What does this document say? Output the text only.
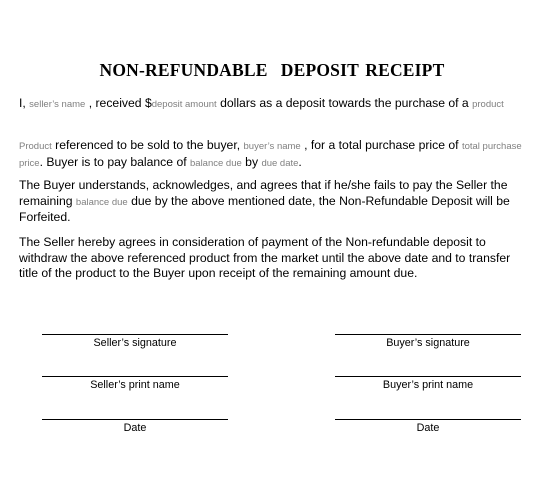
NON-REFUNDABLE  DEPOSIT RECEIPT
I, seller’s name , received $deposit amount dollars as a deposit towards the purchase of a product
Product referenced to be sold to the buyer, buyer’s name , for a total purchase price of total purchase price. Buyer is to pay balance of balance due by due date.
The Buyer understands, acknowledges, and agrees that if he/she fails to pay the Seller the remaining balance due due by the above mentioned date, the Non-Refundable Deposit will be Forfeited.
The Seller hereby agrees in consideration of payment of the Non-refundable deposit to withdraw the above referenced product from the market until the above date and to transfer title of the product to the Buyer upon receipt of the remaining amount due.
Seller’s signature	Buyer’s signature
Seller’s print name	Buyer’s print name
Date	Date
